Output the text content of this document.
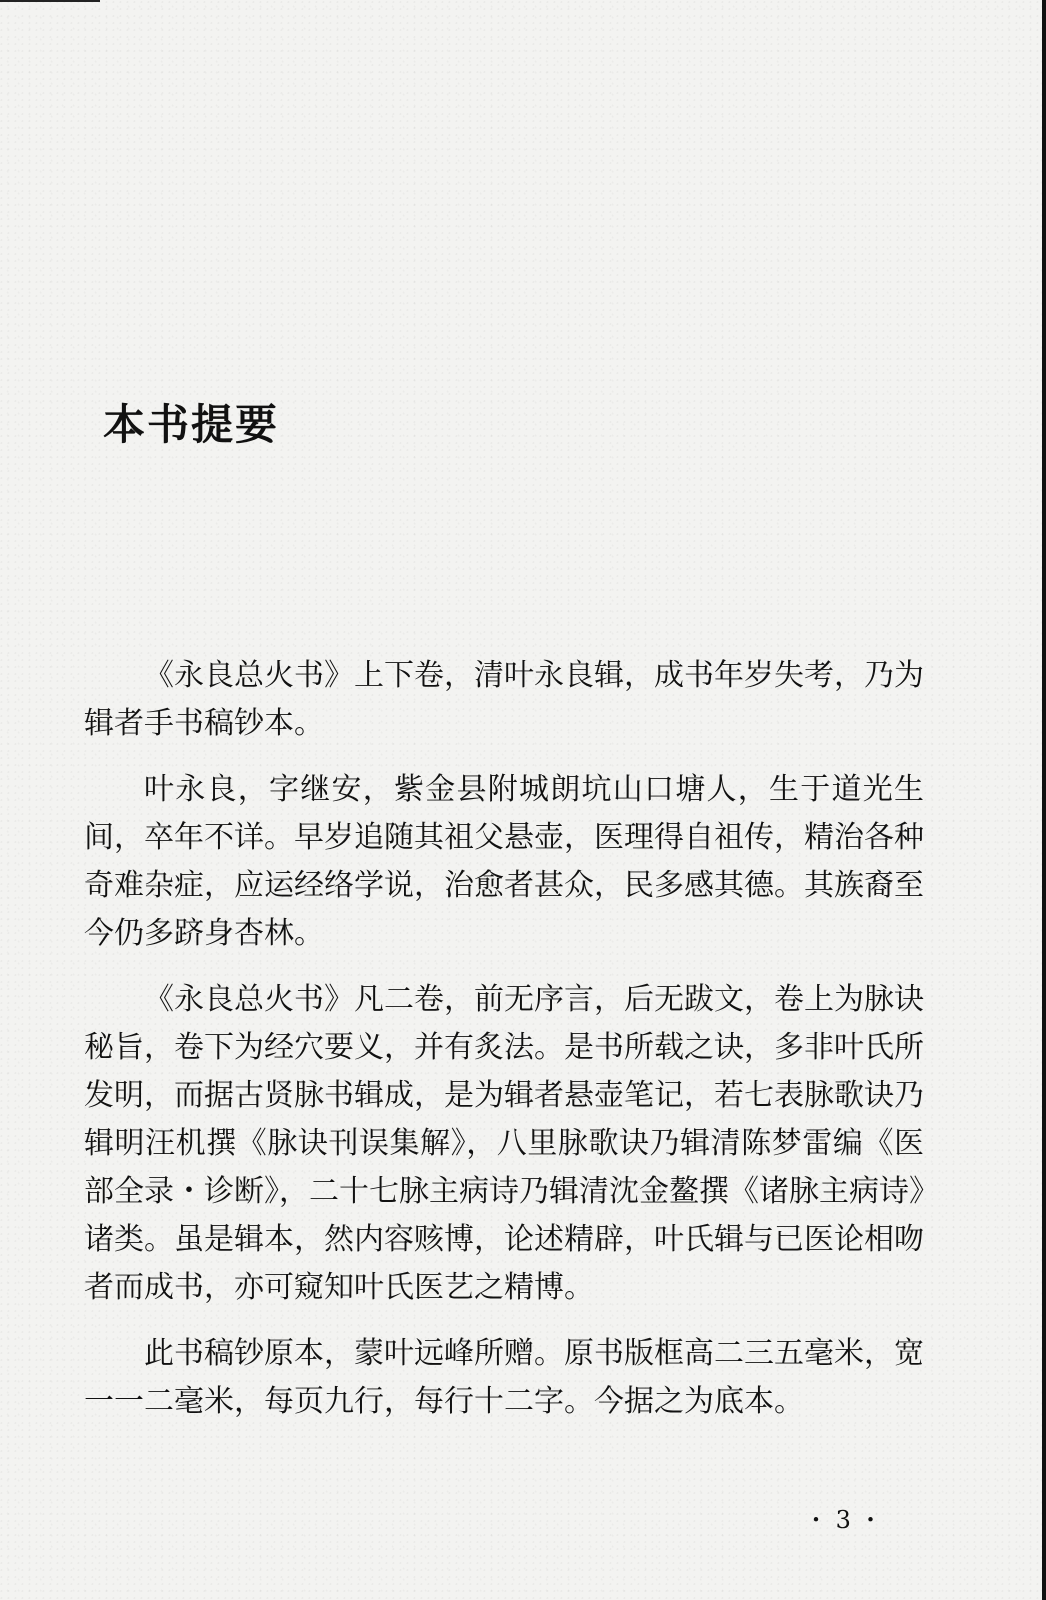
本书提要

《永良总火书》上下卷，清叶永良辑，成书年岁失考，乃为辑者手书稿钞本。

叶永良，字继安，紫金县附城朗坑山口塘人，生于道光生间，卒年不详。早岁追随其祖父悬壶，医理得自祖传，精治各种奇难杂症，应运经络学说，治愈者甚众，民多感其德。其族裔至今仍多跻身杏林。

《永良总火书》凡二卷，前无序言，后无跋文，卷上为脉诀秘旨，卷下为经穴要义，并有炙法。是书所载之诀，多非叶氏所发明，而据古贤脉书辑成，是为辑者悬壶笔记，若七表脉歌诀乃辑明汪机撰《脉诀刊误集解》，八里脉歌诀乃辑清陈梦雷编《医部全录・诊断》，二十七脉主病诗乃辑清沈金鳌撰《诸脉主病诗》诸类。虽是辑本，然内容赅博，论述精辟，叶氏辑与已医论相吻者而成书，亦可窥知叶氏医艺之精博。

此书稿钞原本，蒙叶远峰所赠。原书版框高二三五毫米，宽一一二毫米，每页九行，每行十二字。今据之为底本。

・ 3 ・
